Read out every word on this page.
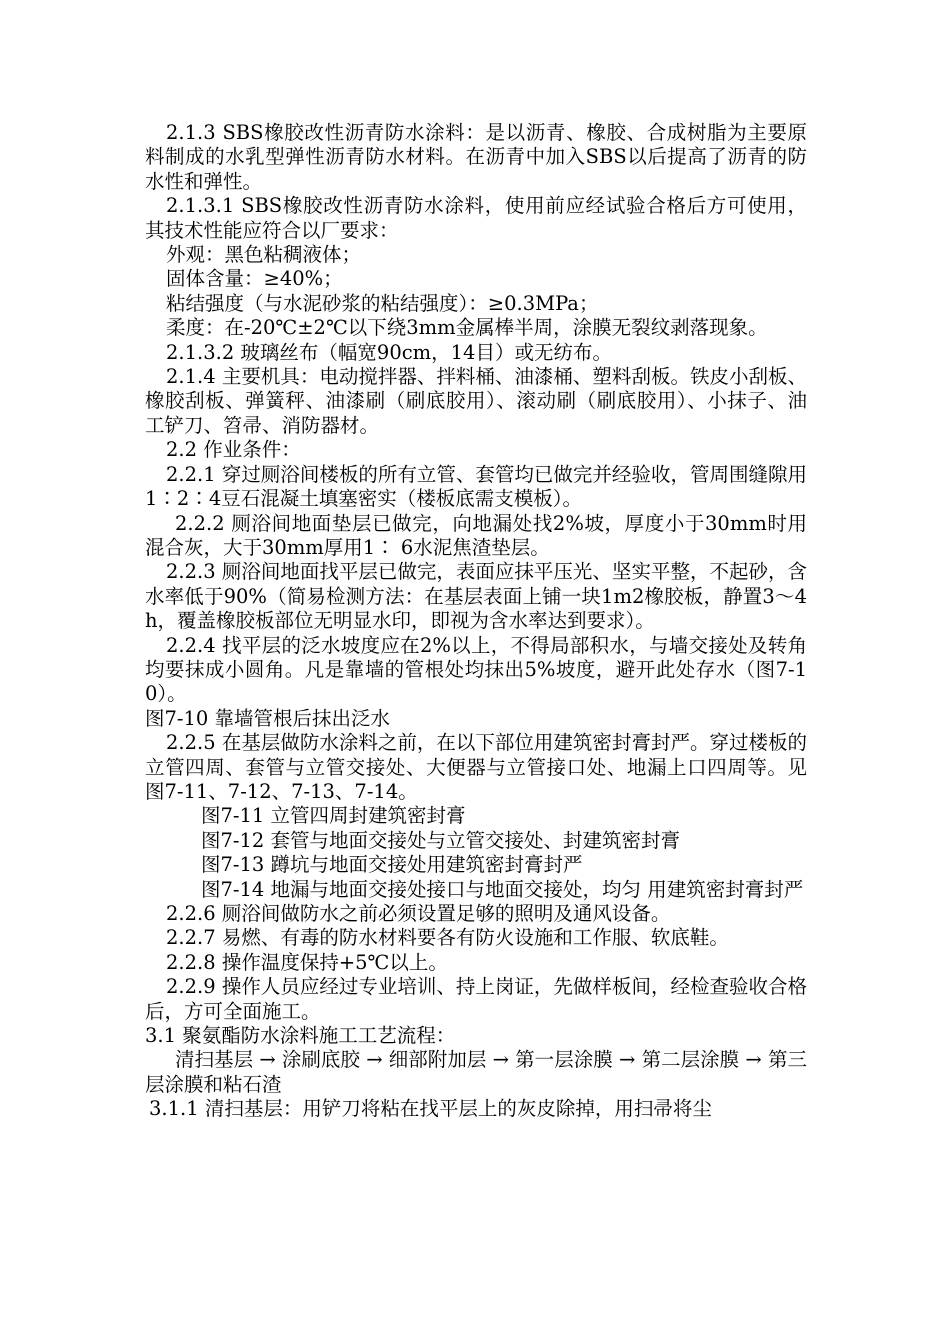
2.1.3 SBS橡胶改性沥青防水涂料：是以沥青、橡胶、合成树脂为主要原料制成的水乳型弹性沥青防水材料。在沥青中加入SBS以后提高了沥青的防水性和弹性。

2.1.3.1 SBS橡胶改性沥青防水涂料，使用前应经试验合格后方可使用，其技术性能应符合以厂要求：

外观：黑色粘稠液体；

固体含量：≥40%；

粘结强度（与水泥砂浆的粘结强度）：≥0.3MPa；

柔度：在-20℃±2℃以下绕3mm金属棒半周，涂膜无裂纹剥落现象。

2.1.3.2 玻璃丝布（幅宽90cm，14目）或无纺布。

2.1.4 主要机具：电动搅拌器、拌料桶、油漆桶、塑料刮板。铁皮小刮板、橡胶刮板、弹簧秤、油漆刷（刷底胶用）、滚动刷（刷底胶用）、小抹子、油工铲刀、笤帚、消防器材。

2.2 作业条件：

2.2.1 穿过厕浴间楼板的所有立管、套管均已做完并经验收，管周围缝隙用1∶2∶4豆石混凝土填塞密实（楼板底需支模板）。

2.2.2 厕浴间地面垫层已做完，向地漏处找2%坡，厚度小于30mm时用混合灰，大于30mm厚用1∶ 6水泥焦渣垫层。

2.2.3 厕浴间地面找平层已做完，表面应抹平压光、坚实平整，不起砂，含水率低于90%（简易检测方法：在基层表面上铺一块1m2橡胶板，静置3～4h，覆盖橡胶板部位无明显水印，即视为含水率达到要求）。

2.2.4 找平层的泛水坡度应在2%以上，不得局部积水，与墙交接处及转角均要抹成小圆角。凡是靠墙的管根处均抹出5%坡度，避开此处存水（图7-10）。

图7-10 靠墙管根后抹出泛水

2.2.5 在基层做防水涂料之前，在以下部位用建筑密封膏封严。穿过楼板的立管四周、套管与立管交接处、大便器与立管接口处、地漏上口四周等。见图7-11、7-12、7-13、7-14。

图7-11 立管四周封建筑密封膏

图7-12 套管与地面交接处与立管交接处、封建筑密封膏

图7-13 蹲坑与地面交接处用建筑密封膏封严

图7-14 地漏与地面交接处接口与地面交接处，均匀 用建筑密封膏封严

2.2.6 厕浴间做防水之前必须设置足够的照明及通风设备。

2.2.7 易燃、有毒的防水材料要各有防火设施和工作服、软底鞋。

2.2.8 操作温度保持+5℃以上。

2.2.9 操作人员应经过专业培训、持上岗证，先做样板间，经检查验收合格后，方可全面施工。

3.1 聚氨酯防水涂料施工工艺流程：

清扫基层 → 涂刷底胶 → 细部附加层 → 第一层涂膜 → 第二层涂膜 → 第三层涂膜和粘石渣

3.1.1 清扫基层：用铲刀将粘在找平层上的灰皮除掉，用扫帚将尘
